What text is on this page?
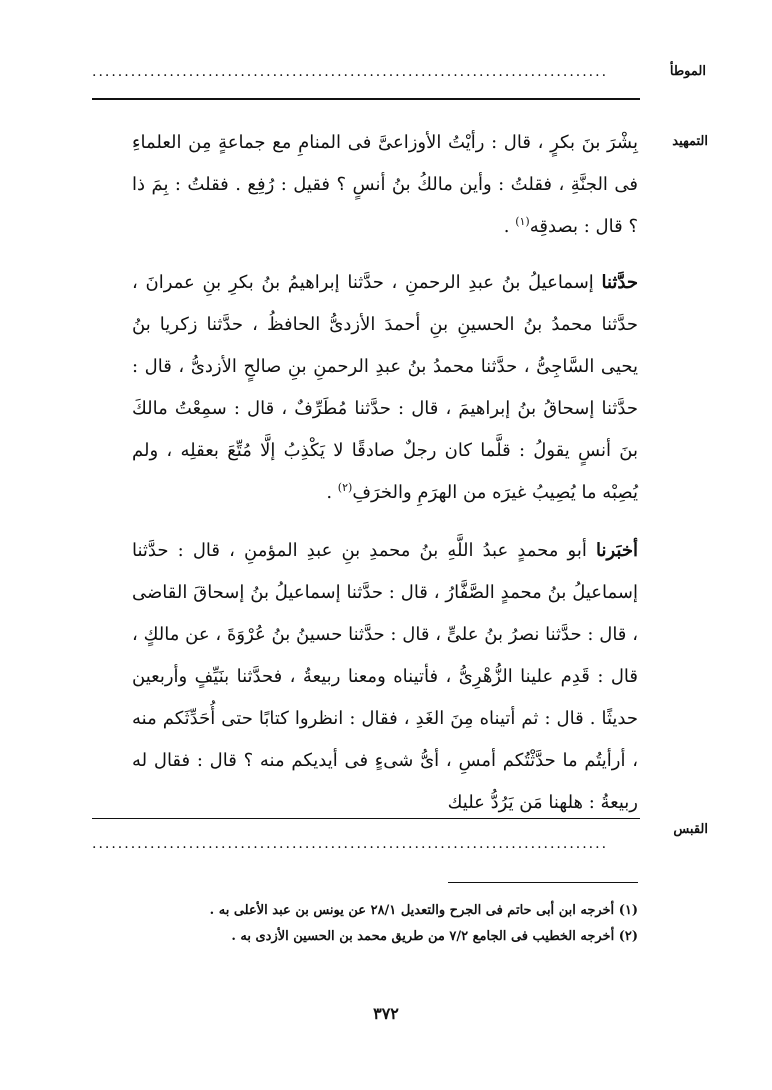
الموطأ
................................................................................
التمهيد

بِشْرَ بنَ بكرٍ ، قال : رأيْتُ الأوزاعىَّ فى المنامِ مع جماعةٍ مِن العلماءِ فى الجنَّةِ ، فقلتُ : وأين مالكُ بنُ أنسٍ ؟ فقيل : رُفِع . فقلتُ : بِمَ ذا ؟ قال : بصدقِه$^{(١)}$ .

حدَّثنا إسماعيلُ بنُ عبدِ الرحمنِ ، حدَّثنا إبراهيمُ بنُ بكرِ بنِ عمرانَ ، حدَّثنا محمدُ بنُ الحسينِ بنِ أحمدَ الأزدىُّ الحافظُ ، حدَّثنا زكريا بنُ يحيى السَّاجِىُّ ، حدَّثنا محمدُ بنُ عبدِ الرحمنِ بنِ صالحٍ الأزدىُّ ، قال : حدَّثنا إسحاقُ بنُ إبراهيمَ ، قال : حدَّثنا مُطَرِّفٌ ، قال : سمِعْتُ مالكَ بنَ أنسٍ يقولُ : قلَّما كان رجلٌ صادقًا لا يَكْذِبُ إلَّا مُتِّعَ بعقلِه ، ولم يُصِبْه ما يُصِيبُ غيرَه من الهرَمِ والخرَفِ$^{(٢)}$ .

أخبَرنا أبو محمدٍ عبدُ اللَّهِ بنُ محمدِ بنِ عبدِ المؤمنِ ، قال : حدَّثنا إسماعيلُ بنُ محمدٍ الصَّفَّارُ ، قال : حدَّثنا إسماعيلُ بنُ إسحاقَ القاضى ، قال : حدَّثنا نصرُ بنُ علىٍّ ، قال : حدَّثنا حسينُ بنُ عُرْوَةَ ، عن مالكٍ ، قال : قَدِم علينا الزُّهْرِىُّ ، فأتيناه ومعنا ربيعةُ ، فحدَّثنا بنَيِّفٍ وأربعين حديثًا . قال : ثم أتيناه مِنَ الغَدِ ، فقال : انظروا كتابًا حتى أُحَدِّثَكم منه ، أرأيتُم ما حدَّثْتُكم أمسِ ، أىُّ شىءٍ فى أيديكم منه ؟ قال : فقال له ربيعةُ : هلهنا مَن يَرُدُّ عليك

القبس
................................................................................

(١) أخرجه ابن أبى حاتم فى الجرح والتعديل ٢٨/١ عن يونس بن عبد الأعلى به .

(٢) أخرجه الخطيب فى الجامع ٧/٢ من طريق محمد بن الحسين الأزدى به .

٣٧٢
